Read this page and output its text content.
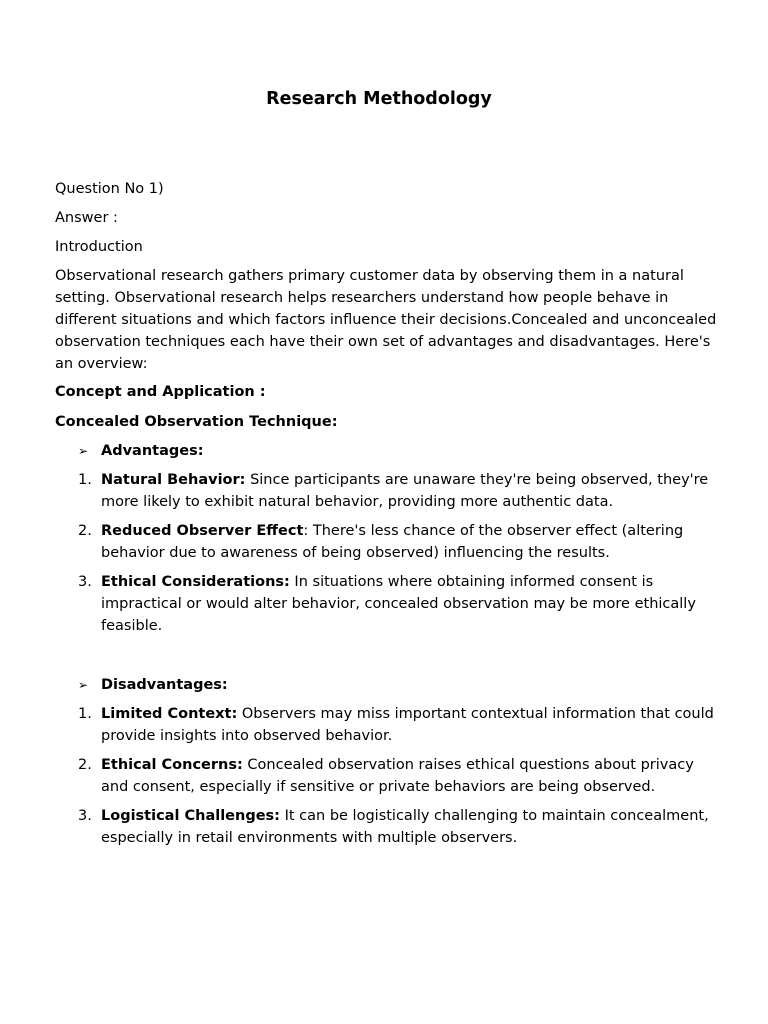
Research Methodology
Question No 1)
Answer :
Introduction
Observational research gathers primary customer data by observing them in a natural
setting. Observational research helps researchers understand how people behave in
different situations and which factors influence their decisions.Concealed and unconcealed
observation techniques each have their own set of advantages and disadvantages. Here's
an overview:
Concept and Application :
Concealed Observation Technique:
➢ Advantages:
1. Natural Behavior: Since participants are unaware they're being observed, they're
more likely to exhibit natural behavior, providing more authentic data.
2. Reduced Observer Effect: There's less chance of the observer effect (altering
behavior due to awareness of being observed) influencing the results.
3. Ethical Considerations: In situations where obtaining informed consent is
impractical or would alter behavior, concealed observation may be more ethically
feasible.
➢ Disadvantages:
1. Limited Context: Observers may miss important contextual information that could
provide insights into observed behavior.
2. Ethical Concerns: Concealed observation raises ethical questions about privacy
and consent, especially if sensitive or private behaviors are being observed.
3. Logistical Challenges: It can be logistically challenging to maintain concealment,
especially in retail environments with multiple observers.
